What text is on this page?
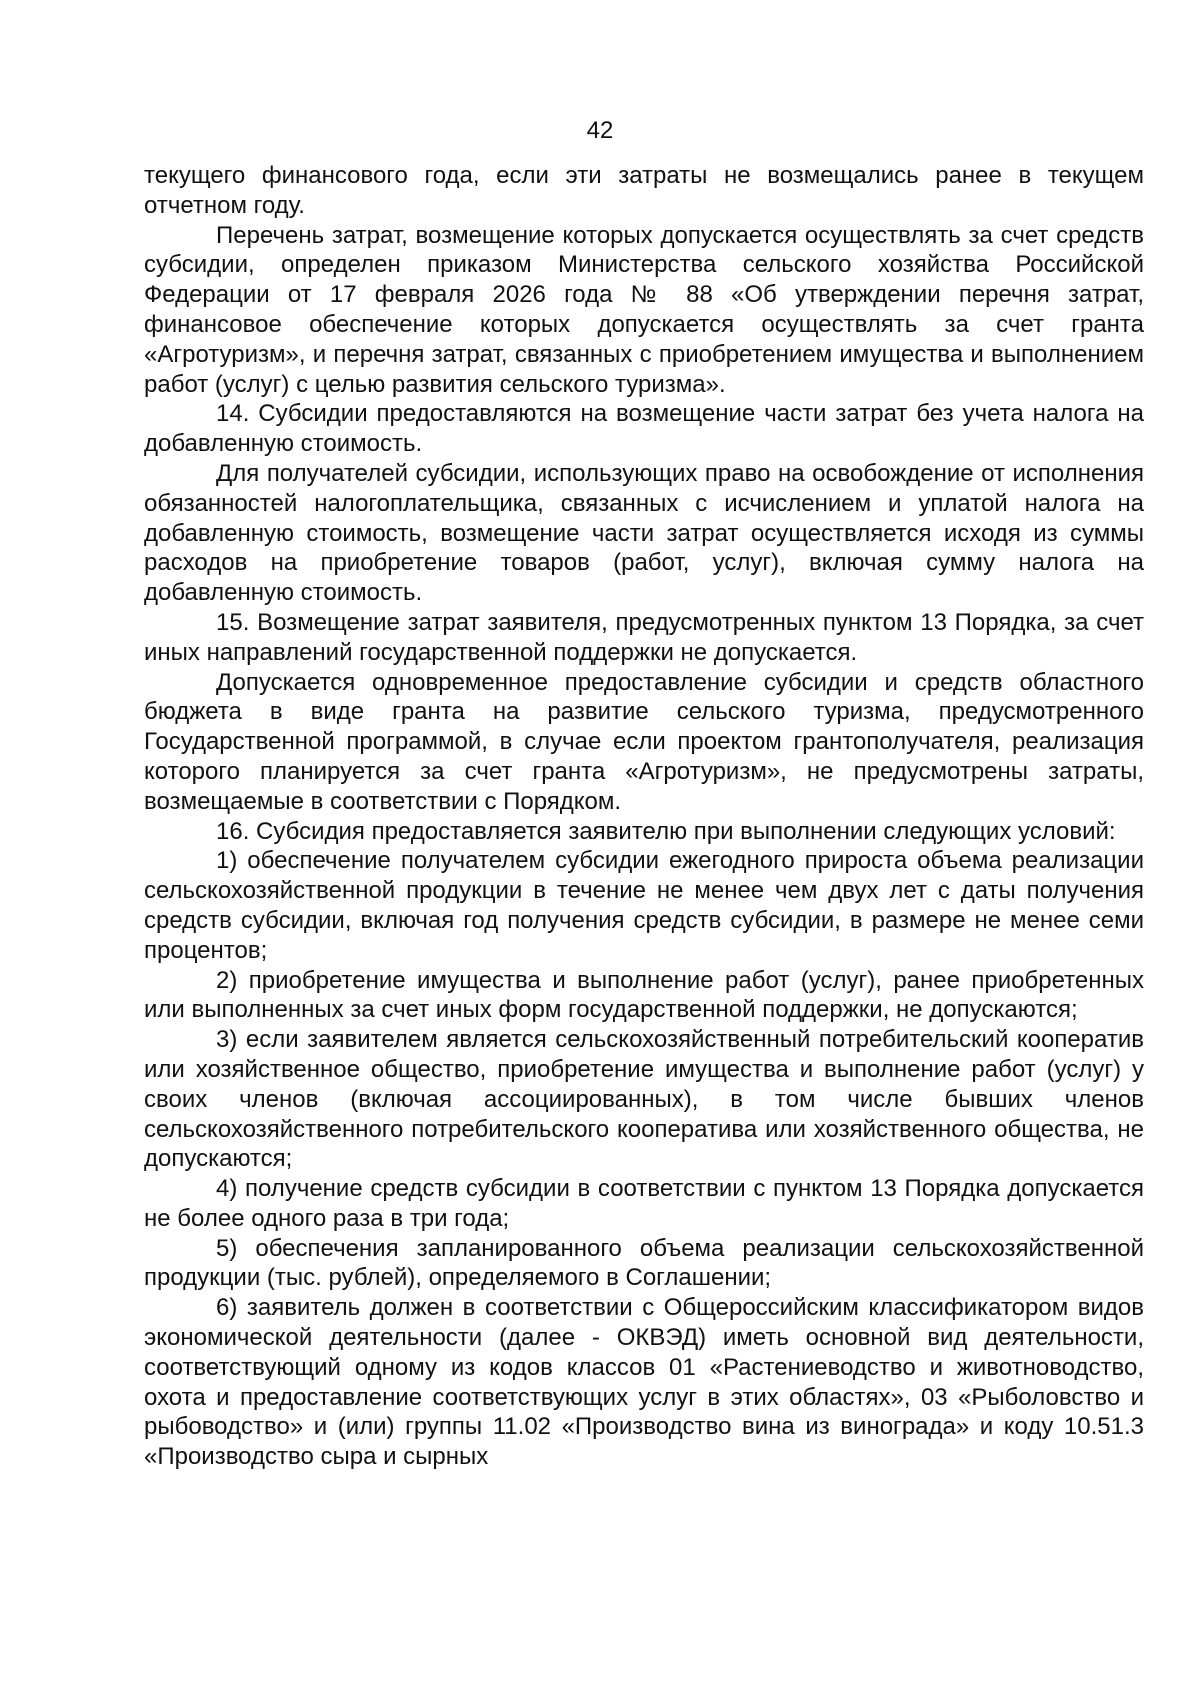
42

текущего финансового года, если эти затраты не возмещались ранее в текущем отчетном году.

Перечень затрат, возмещение которых допускается осуществлять за счет средств субсидии, определен приказом Министерства сельского хозяйства Российской Федерации от 17 февраля 2026 года № 88 «Об утверждении перечня затрат, финансовое обеспечение которых допускается осуществлять за счет гранта «Агротуризм», и перечня затрат, связанных с приобретением имущества и выполнением работ (услуг) с целью развития сельского туризма».

14. Субсидии предоставляются на возмещение части затрат без учета налога на добавленную стоимость.

Для получателей субсидии, использующих право на освобождение от исполнения обязанностей налогоплательщика, связанных с исчислением и уплатой налога на добавленную стоимость, возмещение части затрат осуществляется исходя из суммы расходов на приобретение товаров (работ, услуг), включая сумму налога на добавленную стоимость.

15. Возмещение затрат заявителя, предусмотренных пунктом 13 Порядка, за счет иных направлений государственной поддержки не допускается.

Допускается одновременное предоставление субсидии и средств областного бюджета в виде гранта на развитие сельского туризма, предусмотренного Государственной программой, в случае если проектом грантополучателя, реализация которого планируется за счет гранта «Агротуризм», не предусмотрены затраты, возмещаемые в соответствии с Порядком.

16. Субсидия предоставляется заявителю при выполнении следующих условий:

1) обеспечение получателем субсидии ежегодного прироста объема реализации сельскохозяйственной продукции в течение не менее чем двух лет с даты получения средств субсидии, включая год получения средств субсидии, в размере не менее семи процентов;

2) приобретение имущества и выполнение работ (услуг), ранее приобретенных или выполненных за счет иных форм государственной поддержки, не допускаются;

3) если заявителем является сельскохозяйственный потребительский кооператив или хозяйственное общество, приобретение имущества и выполнение работ (услуг) у своих членов (включая ассоциированных), в том числе бывших членов сельскохозяйственного потребительского кооператива или хозяйственного общества, не допускаются;

4) получение средств субсидии в соответствии с пунктом 13 Порядка допускается не более одного раза в три года;

5) обеспечения запланированного объема реализации сельскохозяйственной продукции (тыс. рублей), определяемого в Соглашении;

6) заявитель должен в соответствии с Общероссийским классификатором видов экономической деятельности (далее - ОКВЭД) иметь основной вид деятельности, соответствующий одному из кодов классов 01 «Растениеводство и животноводство, охота и предоставление соответствующих услуг в этих областях», 03 «Рыболовство и рыбоводство» и (или) группы 11.02 «Производство вина из винограда» и коду 10.51.3 «Производство сыра и сырных
